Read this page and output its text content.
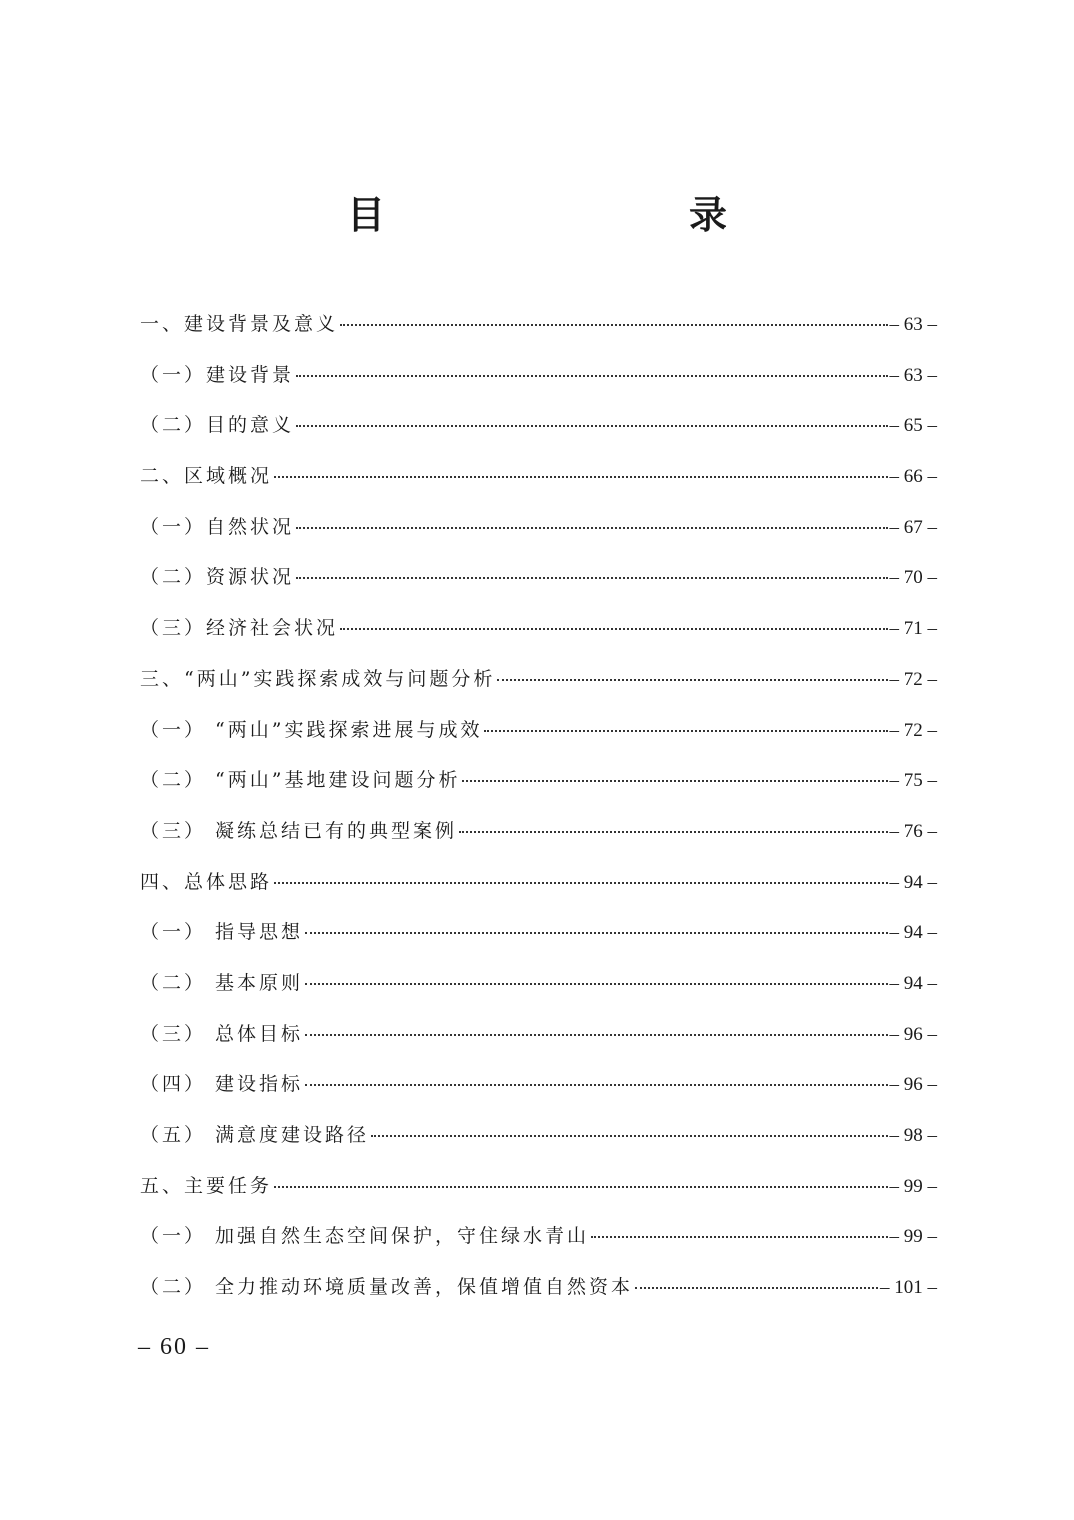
目　　录
一、建设背景及意义	– 63 –
（一）建设背景	– 63 –
（二）目的意义	– 65 –
二、区域概况	– 66 –
（一）自然状况	– 67 –
（二）资源状况	– 70 –
（三）经济社会状况	– 71 –
三、“两山”实践探索成效与问题分析	– 72 –
（一） “两山”实践探索进展与成效	– 72 –
（二） “两山”基地建设问题分析	– 75 –
（三） 凝练总结已有的典型案例	– 76 –
四、总体思路	– 94 –
（一） 指导思想	– 94 –
（二） 基本原则	– 94 –
（三） 总体目标	– 96 –
（四） 建设指标	– 96 –
（五） 满意度建设路径	– 98 –
五、主要任务	– 99 –
（一） 加强自然生态空间保护，守住绿水青山	– 99 –
（二） 全力推动环境质量改善，保值增值自然资本	– 101 –
– 60 –
